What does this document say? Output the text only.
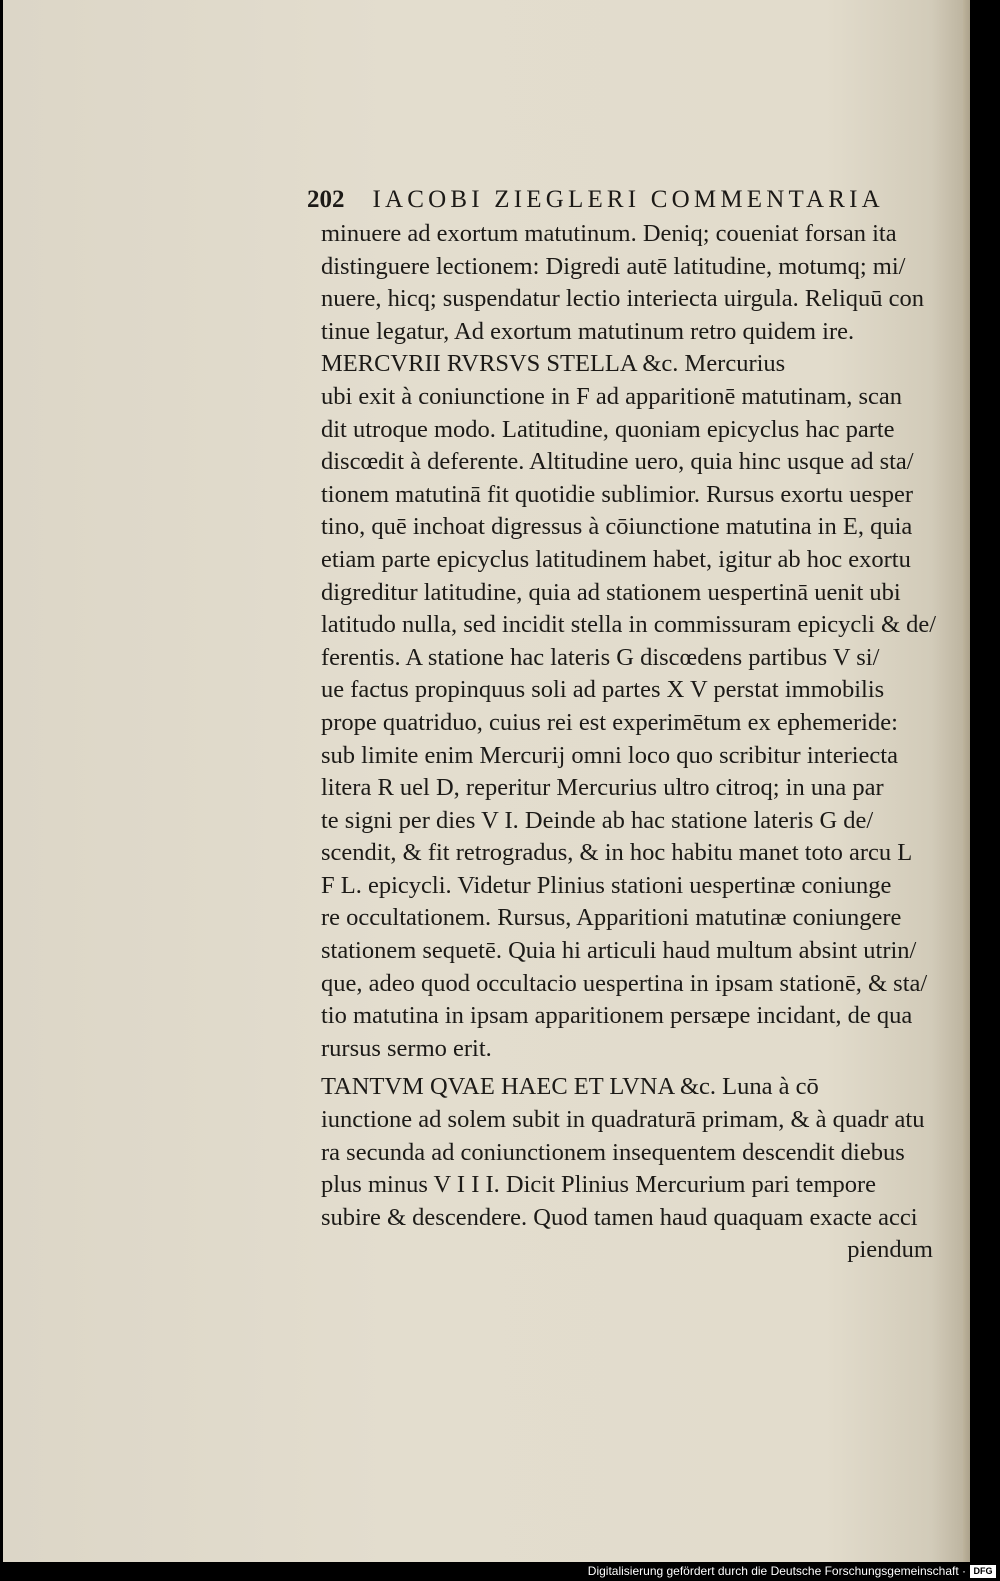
202 IACOBI ZIEGLERI COMMENTARIA
minuere ad exortum matutinum. Deniq; coueniat forsan ita
distinguere lectionem: Digredi autē latitudine, motumq; mi/
nuere, hicq; suspendatur lectio interiecta uirgula. Reliquū con
tinue legatur, Ad exortum matutinum retro quidem ire.
MERCVRII RVRSVS STELLA &c. Mercurius
ubi exit à coniunctione in F ad apparitionē matutinam, scan
dit utroque modo. Latitudine, quoniam epicyclus hac parte
discœdit à deferente. Altitudine uero, quia hinc usque ad sta/
tionem matutinā fit quotidie sublimior. Rursus exortu uesper
tino, quē inchoat digressus à cōiunctione matutina in E, quia
etiam parte epicyclus latitudinem habet, igitur ab hoc exortu
digreditur latitudine, quia ad stationem uespertinā uenit ubi
latitudo nulla, sed incidit stella in commissuram epicycli & de/
ferentis. A statione hac lateris G discœdens partibus V si/
ue factus propinquus soli ad partes X V perstat immobilis
prope quatriduo, cuius rei est experimētum ex ephemeride:
sub limite enim Mercurij omni loco quo scribitur interiecta
litera R uel D, reperitur Mercurius ultro citroq; in una par
te signi per dies V I. Deinde ab hac statione lateris G de/
scendit, & fit retrogradus, & in hoc habitu manet toto arcu L
F L. epicycli. Videtur Plinius stationi uespertinæ coniunge
re occultationem. Rursus, Apparitioni matutinæ coniungere
stationem sequetē. Quia hi articuli haud multum absint utrin/
que, adeo quod occultacio uespertina in ipsam stationē, & sta/
tio matutina in ipsam apparitionem persæpe incidant, de qua
rursus sermo erit.
TANTVM QVAE HAEC ET LVNA &c. Luna à cō
iunctione ad solem subit in quadraturā primam, & à quadr atu
ra secunda ad coniunctionem insequentem descendit diebus
plus minus V I I I. Dicit Plinius Mercurium pari tempore
subire & descendere. Quod tamen haud quaquam exacte acci
piendum
Digitalisierung gefördert durch die Deutsche Forschungsgemeinschaft · DFG
